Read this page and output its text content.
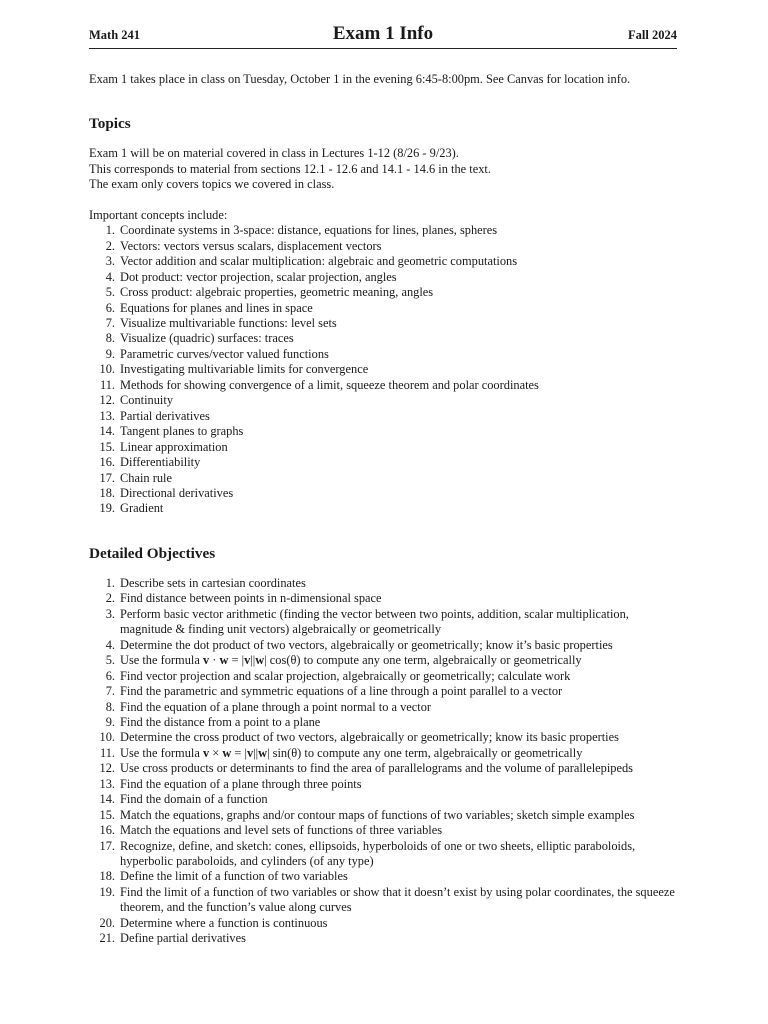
Math 241	Exam 1 Info	Fall 2024

Exam 1 takes place in class on Tuesday, October 1 in the evening 6:45-8:00pm. See Canvas for location info.

Topics

Exam 1 will be on material covered in class in Lectures 1-12 (8/26 - 9/23).

This corresponds to material from sections 12.1 - 12.6 and 14.1 - 14.6 in the text.

The exam only covers topics we covered in class.

Important concepts include:

1. Coordinate systems in 3-space: distance, equations for lines, planes, spheres
2. Vectors: vectors versus scalars, displacement vectors
3. Vector addition and scalar multiplication: algebraic and geometric computations
4. Dot product: vector projection, scalar projection, angles
5. Cross product: algebraic properties, geometric meaning, angles
6. Equations for planes and lines in space
7. Visualize multivariable functions: level sets
8. Visualize (quadric) surfaces: traces
9. Parametric curves/vector valued functions
10. Investigating multivariable limits for convergence
11. Methods for showing convergence of a limit, squeeze theorem and polar coordinates
12. Continuity
13. Partial derivatives
14. Tangent planes to graphs
15. Linear approximation
16. Differentiability
17. Chain rule
18. Directional derivatives
19. Gradient
Detailed Objectives
1. Describe sets in cartesian coordinates
2. Find distance between points in n-dimensional space
3. Perform basic vector arithmetic (finding the vector between two points, addition, scalar multiplication, magnitude & finding unit vectors) algebraically or geometrically
4. Determine the dot product of two vectors, algebraically or geometrically; know it’s basic properties
5. Use the formula v · w = |v||w| cos(θ) to compute any one term, algebraically or geometrically
6. Find vector projection and scalar projection, algebraically or geometrically; calculate work
7. Find the parametric and symmetric equations of a line through a point parallel to a vector
8. Find the equation of a plane through a point normal to a vector
9. Find the distance from a point to a plane
10. Determine the cross product of two vectors, algebraically or geometrically; know its basic properties
11. Use the formula v × w = |v||w| sin(θ) to compute any one term, algebraically or geometrically
12. Use cross products or determinants to find the area of parallelograms and the volume of parallelepipeds
13. Find the equation of a plane through three points
14. Find the domain of a function
15. Match the equations, graphs and/or contour maps of functions of two variables; sketch simple examples
16. Match the equations and level sets of functions of three variables
17. Recognize, define, and sketch: cones, ellipsoids, hyperboloids of one or two sheets, elliptic paraboloids, hyperbolic paraboloids, and cylinders (of any type)
18. Define the limit of a function of two variables
19. Find the limit of a function of two variables or show that it doesn’t exist by using polar coordinates, the squeeze theorem, and the function’s value along curves
20. Determine where a function is continuous
21. Define partial derivatives
